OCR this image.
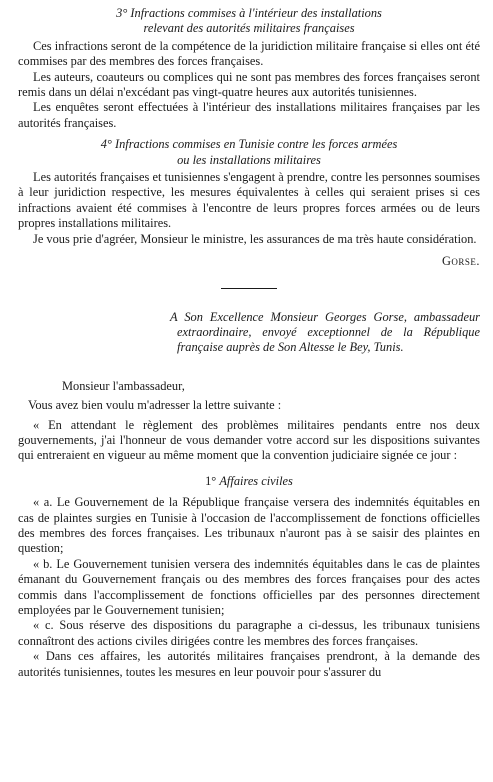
3° Infractions commises à l'intérieur des installations
relevant des autorités militaires françaises

Ces infractions seront de la compétence de la juridiction militaire française si elles ont été commises par des membres des forces françaises.

Les auteurs, coauteurs ou complices qui ne sont pas membres des forces françaises seront remis dans un délai n'excédant pas vingt-quatre heures aux autorités tunisiennes.

Les enquêtes seront effectuées à l'intérieur des installations militaires françaises par les autorités françaises.

4° Infractions commises en Tunisie contre les forces armées
ou les installations militaires

Les autorités françaises et tunisiennes s'engagent à prendre, contre les personnes soumises à leur juridiction respective, les mesures équivalentes à celles qui seraient prises si ces infractions avaient été commises à l'encontre de leurs propres forces armées ou de leurs propres installations militaires.

Je vous prie d'agréer, Monsieur le ministre, les assurances de ma très haute considération.

Gorse.

A Son Excellence Monsieur Georges Gorse, ambassadeur extraordinaire, envoyé exceptionnel de la République française auprès de Son Altesse le Bey, Tunis.

Monsieur l'ambassadeur,

Vous avez bien voulu m'adresser la lettre suivante :

« En attendant le règlement des problèmes militaires pendants entre nos deux gouvernements, j'ai l'honneur de vous demander votre accord sur les dispositions suivantes qui entreraient en vigueur au même moment que la convention judiciaire signée ce jour :

1° Affaires civiles

« a. Le Gouvernement de la République française versera des indemnités équitables en cas de plaintes surgies en Tunisie à l'occasion de l'accomplissement de fonctions officielles des membres des forces françaises. Les tribunaux n'auront pas à se saisir des plaintes en question;

« b. Le Gouvernement tunisien versera des indemnités équitables dans le cas de plaintes émanant du Gouvernement français ou des membres des forces françaises pour des actes commis dans l'accomplissement de fonctions officielles par des personnes directement employées par le Gouvernement tunisien;

« c. Sous réserve des dispositions du paragraphe a ci-dessus, les tribunaux tunisiens connaîtront des actions civiles dirigées contre les membres des forces françaises.

« Dans ces affaires, les autorités militaires françaises prendront, à la demande des autorités tunisiennes, toutes les mesures en leur pouvoir pour s'assurer du
